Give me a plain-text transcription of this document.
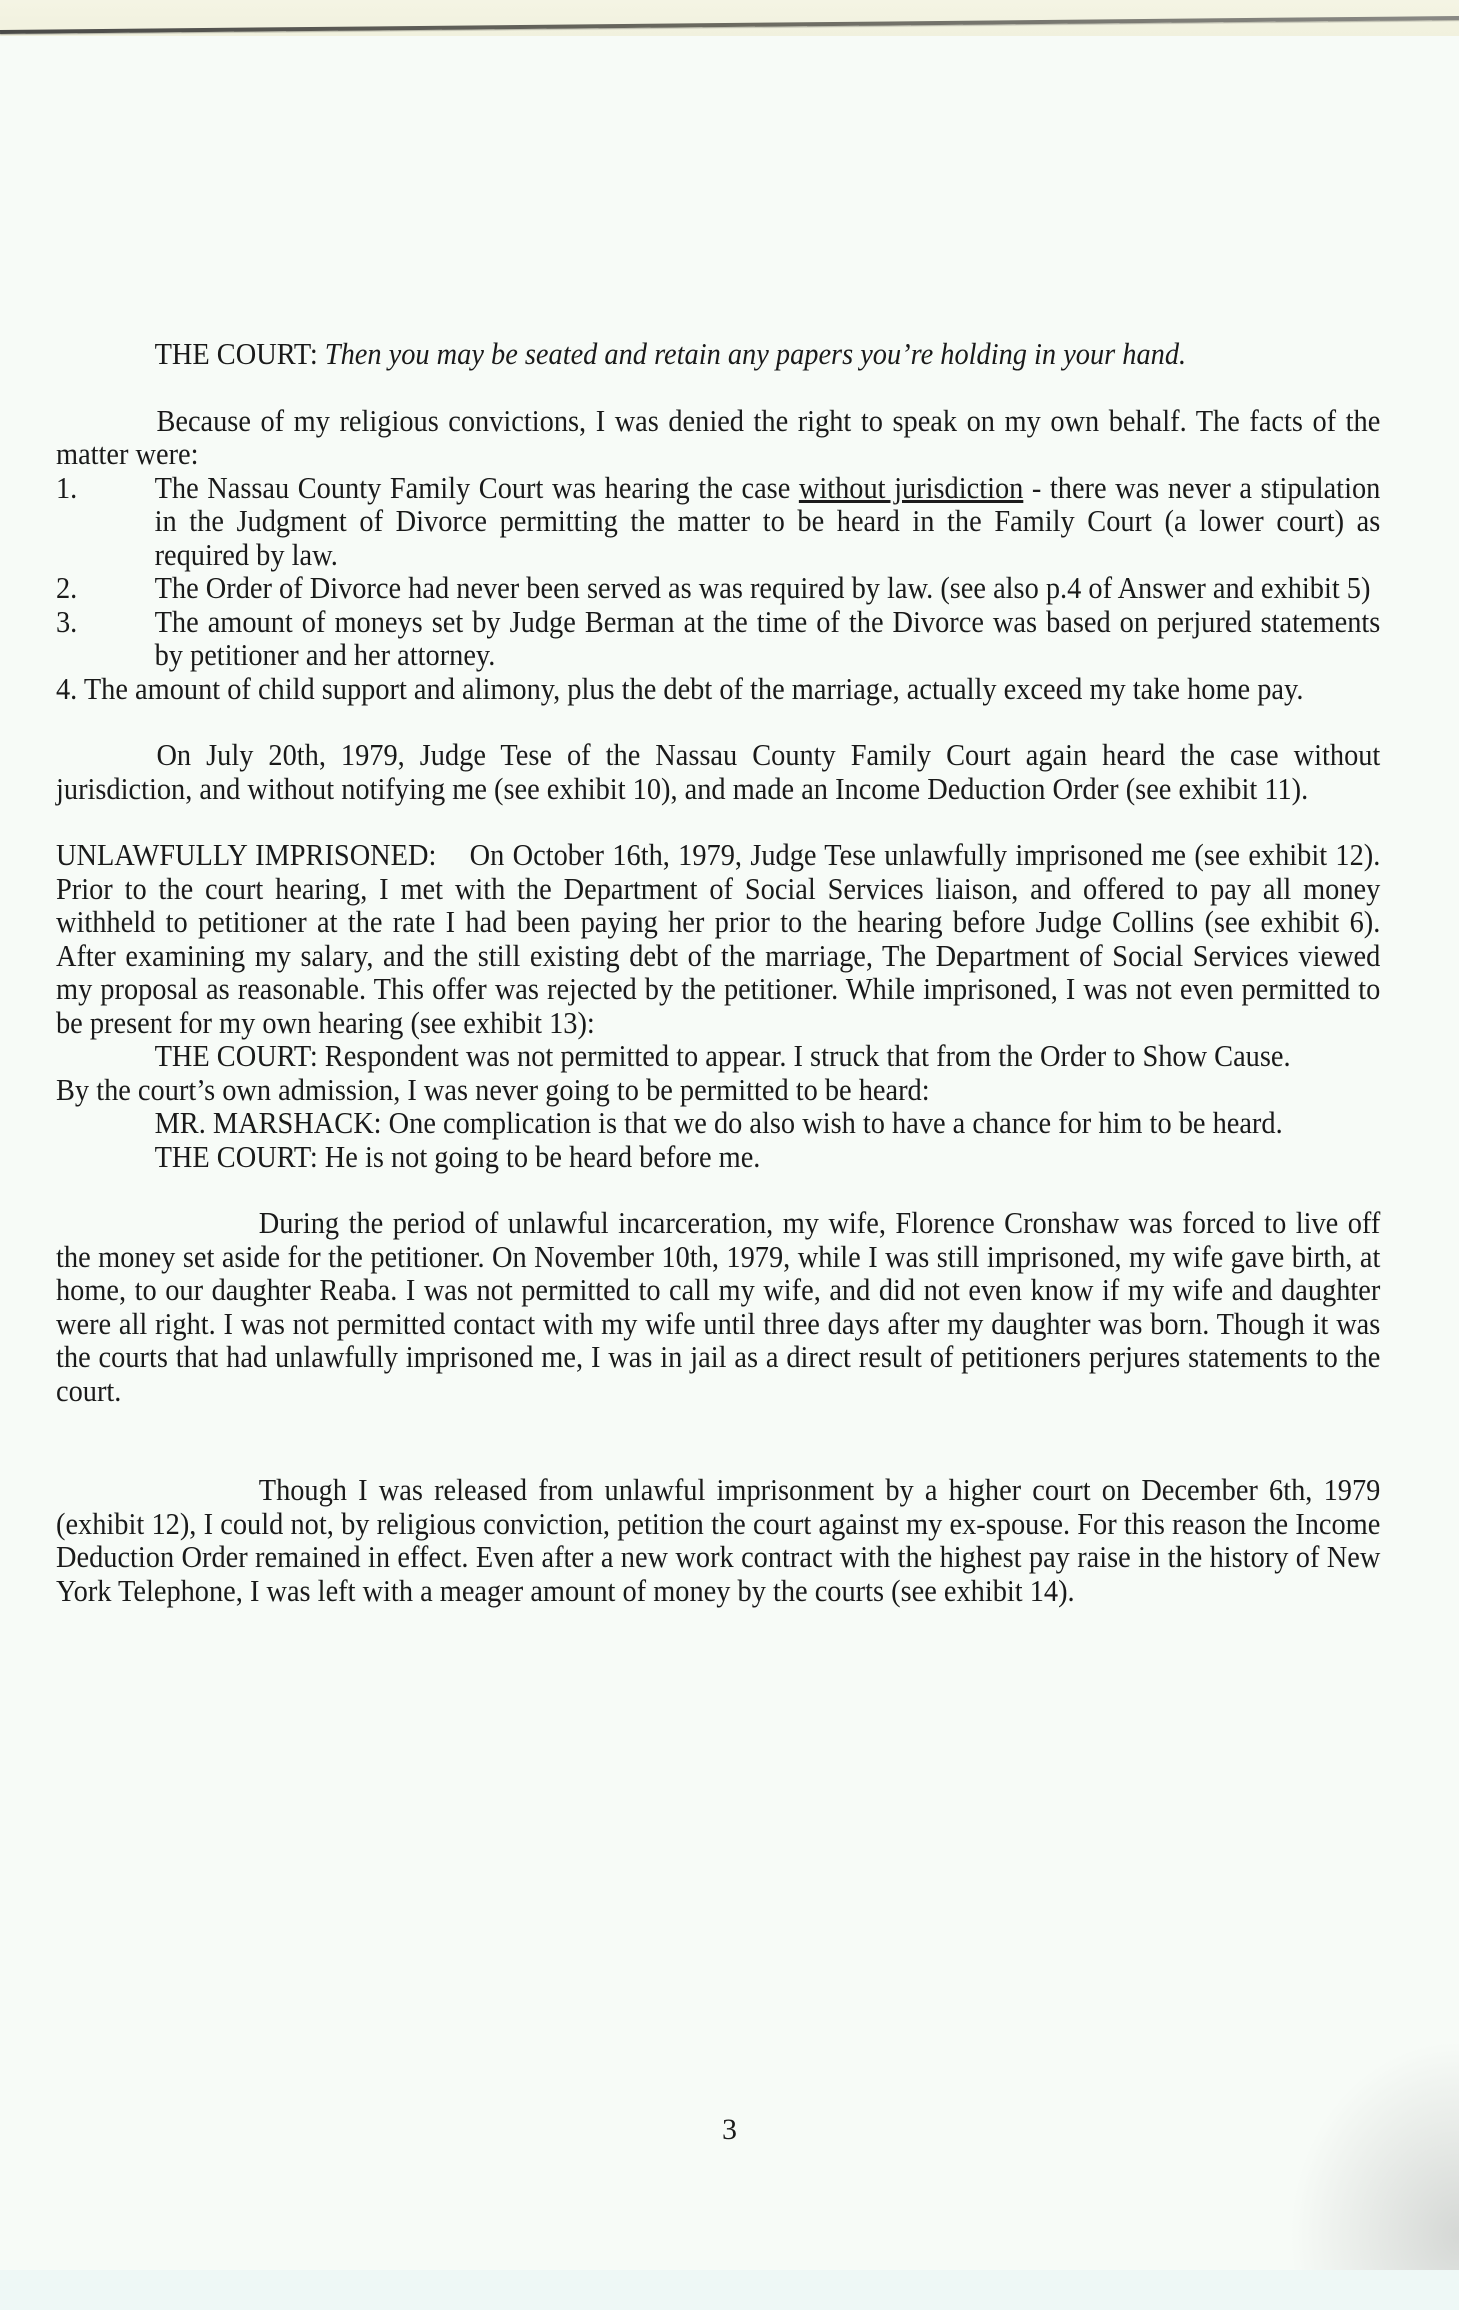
THE COURT: Then you may be seated and retain any papers you’re holding in your hand.

Because of my religious convictions, I was denied the right to speak on my own behalf. The facts of the matter were:

1.	The Nassau County Family Court was hearing the case without jurisdiction - there was never a stipulation in the Judgment of Divorce permitting the matter to be heard in the Family Court (a lower court) as required by law.

2.	The Order of Divorce had never been served as was required by law. (see also p.4 of Answer and exhibit 5)

3.	The amount of moneys set by Judge Berman at the time of the Divorce was based on perjured statements by petitioner and her attorney.

4. The amount of child support and alimony, plus the debt of the marriage, actually exceed my take home pay.

On July 20th, 1979, Judge Tese of the Nassau County Family Court again heard the case without jurisdiction, and without notifying me (see exhibit 10), and made an Income Deduction Order (see exhibit 11).

UNLAWFULLY IMPRISONED: On October 16th, 1979, Judge Tese unlawfully imprisoned me (see exhibit 12). Prior to the court hearing, I met with the Department of Social Services liaison, and offered to pay all money withheld to petitioner at the rate I had been paying her prior to the hearing before Judge Collins (see exhibit 6). After examining my salary, and the still existing debt of the marriage, The Department of Social Services viewed my proposal as reasonable. This offer was rejected by the petitioner. While imprisoned, I was not even permitted to be present for my own hearing (see exhibit 13):

THE COURT: Respondent was not permitted to appear. I struck that from the Order to Show Cause.

By the court’s own admission, I was never going to be permitted to be heard:

MR. MARSHACK: One complication is that we do also wish to have a chance for him to be heard.

THE COURT: He is not going to be heard before me.

During the period of unlawful incarceration, my wife, Florence Cronshaw was forced to live off the money set aside for the petitioner. On November 10th, 1979, while I was still imprisoned, my wife gave birth, at home, to our daughter Reaba. I was not permitted to call my wife, and did not even know if my wife and daughter were all right. I was not permitted contact with my wife until three days after my daughter was born. Though it was the courts that had unlawfully imprisoned me, I was in jail as a direct result of petitioners perjures statements to the court.

Though I was released from unlawful imprisonment by a higher court on December 6th, 1979 (exhibit 12), I could not, by religious conviction, petition the court against my ex-spouse. For this reason the Income Deduction Order remained in effect. Even after a new work contract with the highest pay raise in the history of New York Telephone, I was left with a meager amount of money by the courts (see exhibit 14).

3
